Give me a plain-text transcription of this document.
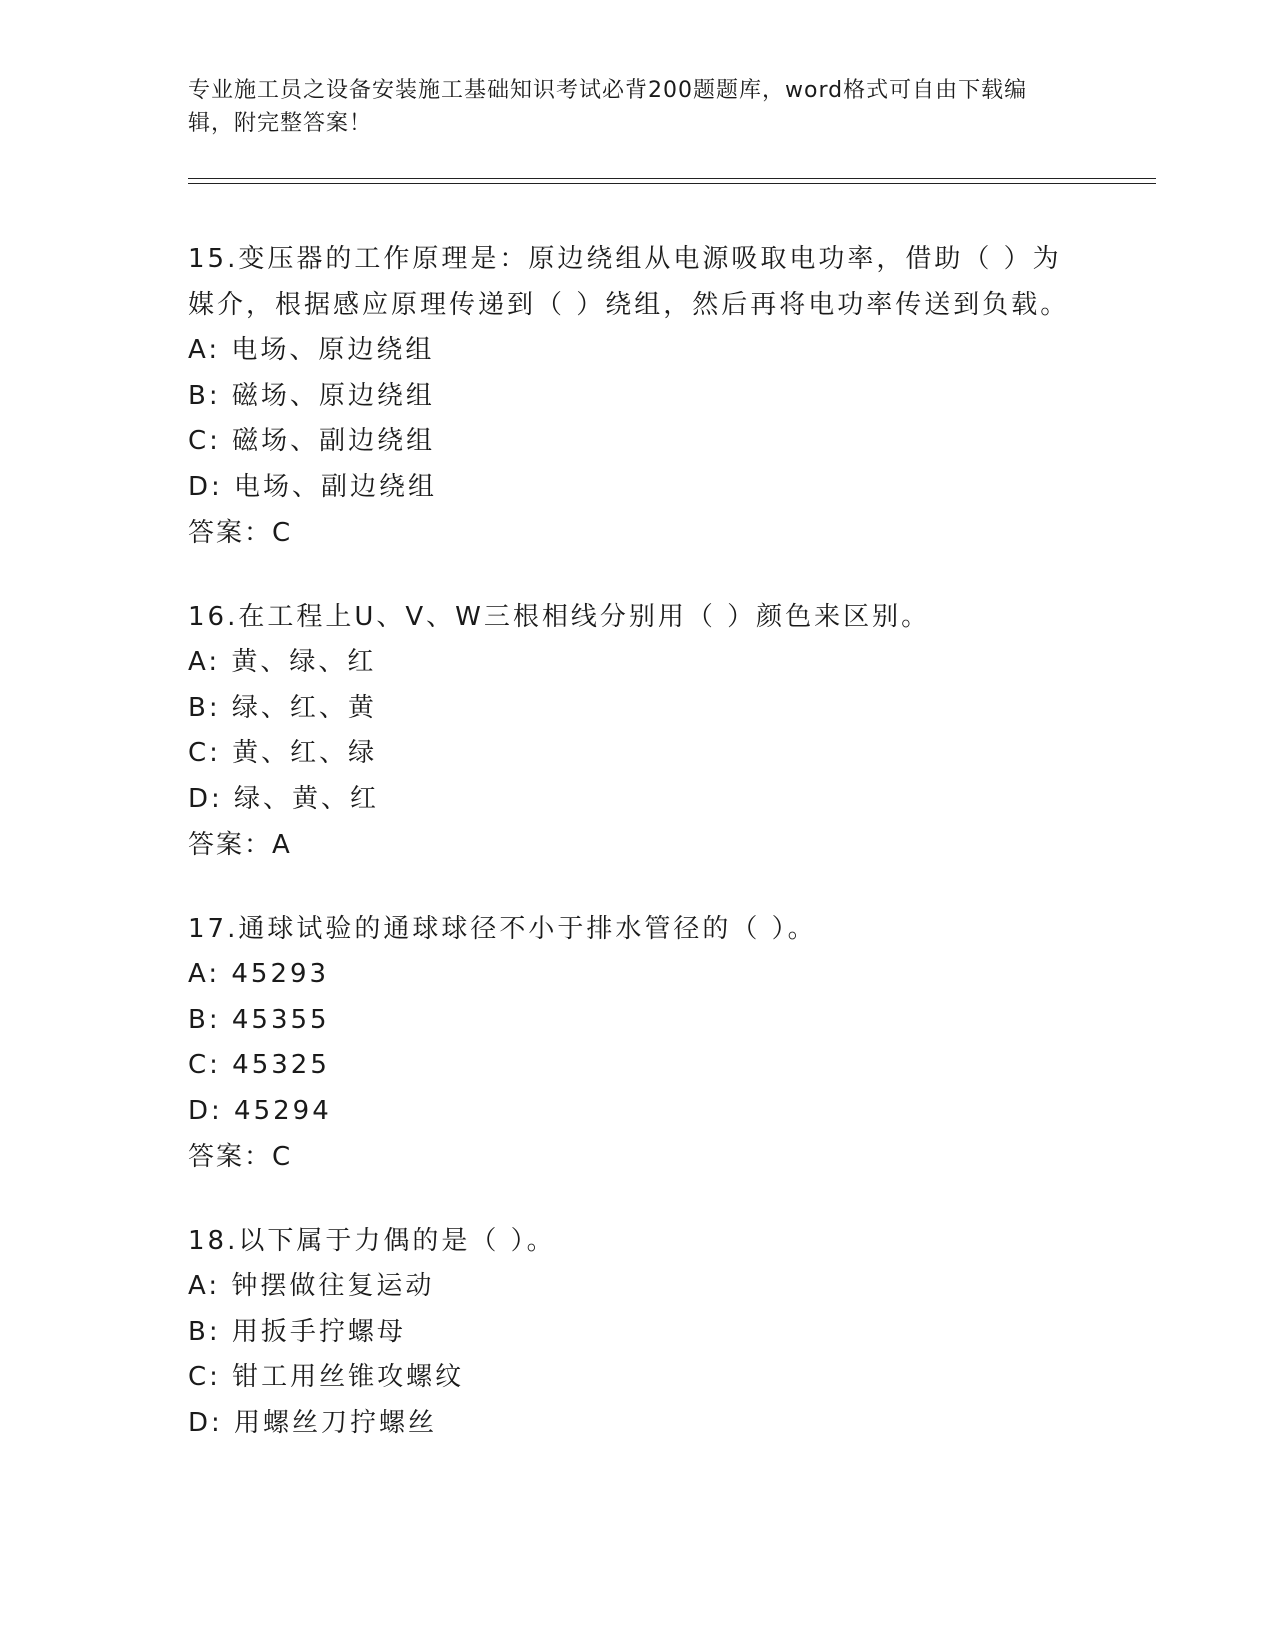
专业施工员之设备安装施工基础知识考试必背200题题库，word格式可自由下载编辑，附完整答案！

15.变压器的工作原理是：原边绕组从电源吸取电功率，借助（ ）为媒介，根据感应原理传递到（ ）绕组，然后再将电功率传送到负载。

A: 电场、原边绕组

B: 磁场、原边绕组

C: 磁场、副边绕组

D: 电场、副边绕组

答案：C

16.在工程上U、V、W三根相线分别用（ ）颜色来区别。

A: 黄、绿、红

B: 绿、红、黄

C: 黄、红、绿

D: 绿、黄、红

答案：A

17.通球试验的通球球径不小于排水管径的（ ）。

A: 45293

B: 45355

C: 45325

D: 45294

答案：C

18.以下属于力偶的是（ ）。

A: 钟摆做往复运动

B: 用扳手拧螺母

C: 钳工用丝锥攻螺纹

D: 用螺丝刀拧螺丝
